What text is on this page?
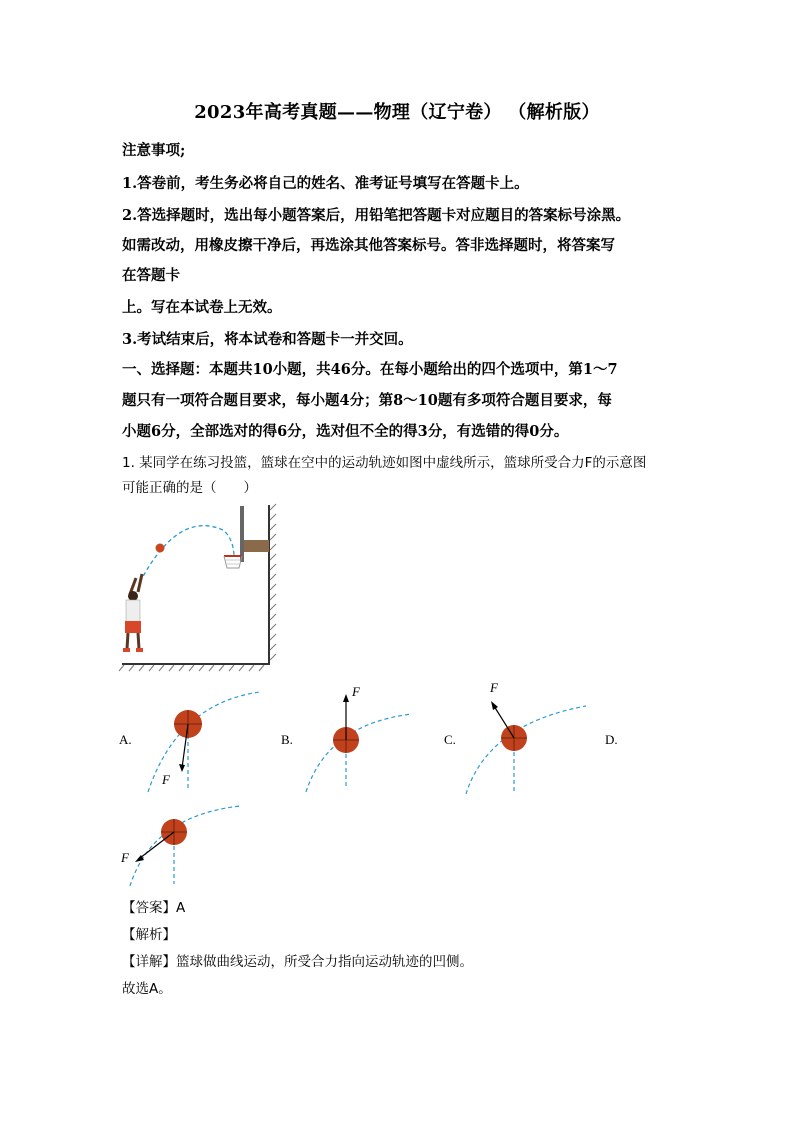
2023年高考真题——物理（辽宁卷） （解析版）
注意事项;
1.答卷前，考生务必将自己的姓名、准考证号填写在答题卡上。
2.答选择题时，选出每小题答案后，用铅笔把答题卡对应题目的答案标号涂黑。
如需改动，用橡皮擦干净后，再选涂其他答案标号。答非选择题时，将答案写
在答题卡
上。写在本试卷上无效。
3.考试结束后，将本试卷和答题卡一并交回。
一、选择题：本题共10小题，共46分。在每小题给出的四个选项中，第1～7
题只有一项符合题目要求，每小题4分；第8～10题有多项符合题目要求，每
小题6分，全部选对的得6分，选对但不全的得3分，有选错的得0分。
1. 某同学在练习投篮，篮球在空中的运动轨迹如图中虚线所示，篮球所受合力F的示意图
可能正确的是（　　）
A.
F
B.
F
C.
F
D.
F
【答案】A
【解析】
【详解】篮球做曲线运动，所受合力指向运动轨迹的凹侧。
故选A。
